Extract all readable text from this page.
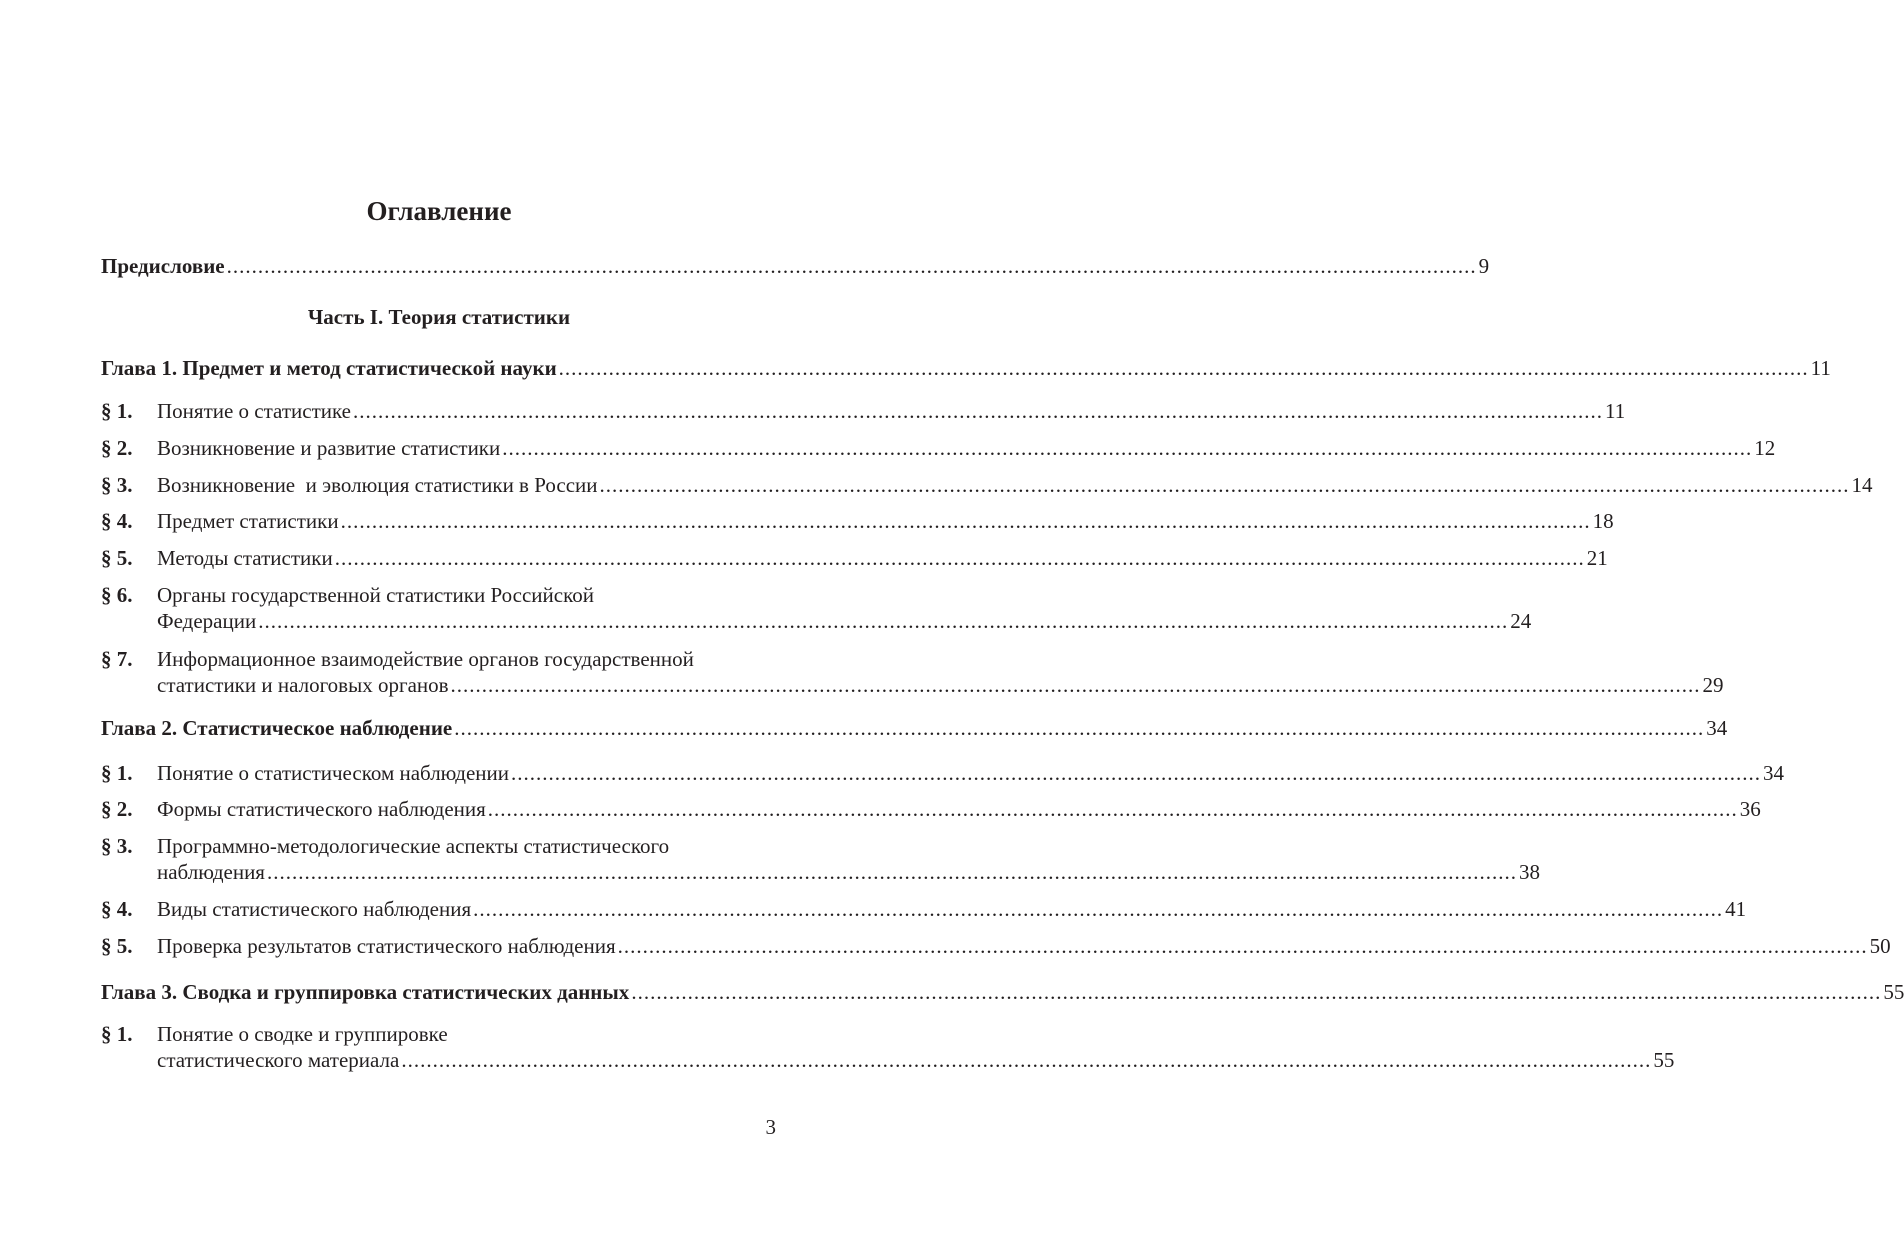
Оглавление
Предисловие ........................................................................................................................................................................................................ 9
Часть I. Теория статистики
Глава 1. Предмет и метод статистической науки ........................................................................................................................................................................................................ 11
§ 1.	Понятие о статистике ........................................................................................................................................................................................................ 11
§ 2.	Возникновение и развитие статистики ........................................................................................................................................................................................................ 12
§ 3.	Возникновение  и эволюция статистики в России ........................................................................................................................................................................................................ 14
§ 4.	Предмет статистики ........................................................................................................................................................................................................ 18
§ 5.	Методы статистики ........................................................................................................................................................................................................ 21
§ 6.	Органы государственной статистики Российской
Федерации ........................................................................................................................................................................................................ 24
§ 7.	Информационное взаимодействие органов государственной
статистики и налоговых органов ........................................................................................................................................................................................................ 29
Глава 2. Статистическое наблюдение ........................................................................................................................................................................................................ 34
§ 1.	Понятие о статистическом наблюдении ........................................................................................................................................................................................................ 34
§ 2.	Формы статистического наблюдения ........................................................................................................................................................................................................ 36
§ 3.	Программно-методологические аспекты статистического
наблюдения ........................................................................................................................................................................................................ 38
§ 4.	Виды статистического наблюдения ........................................................................................................................................................................................................ 41
§ 5.	Проверка результатов статистического наблюдения ........................................................................................................................................................................................................ 50
Глава 3. Сводка и группировка статистических данных ........................................................................................................................................................................................................ 55
§ 1.	Понятие о сводке и группировке
статистического материала ........................................................................................................................................................................................................ 55
3
